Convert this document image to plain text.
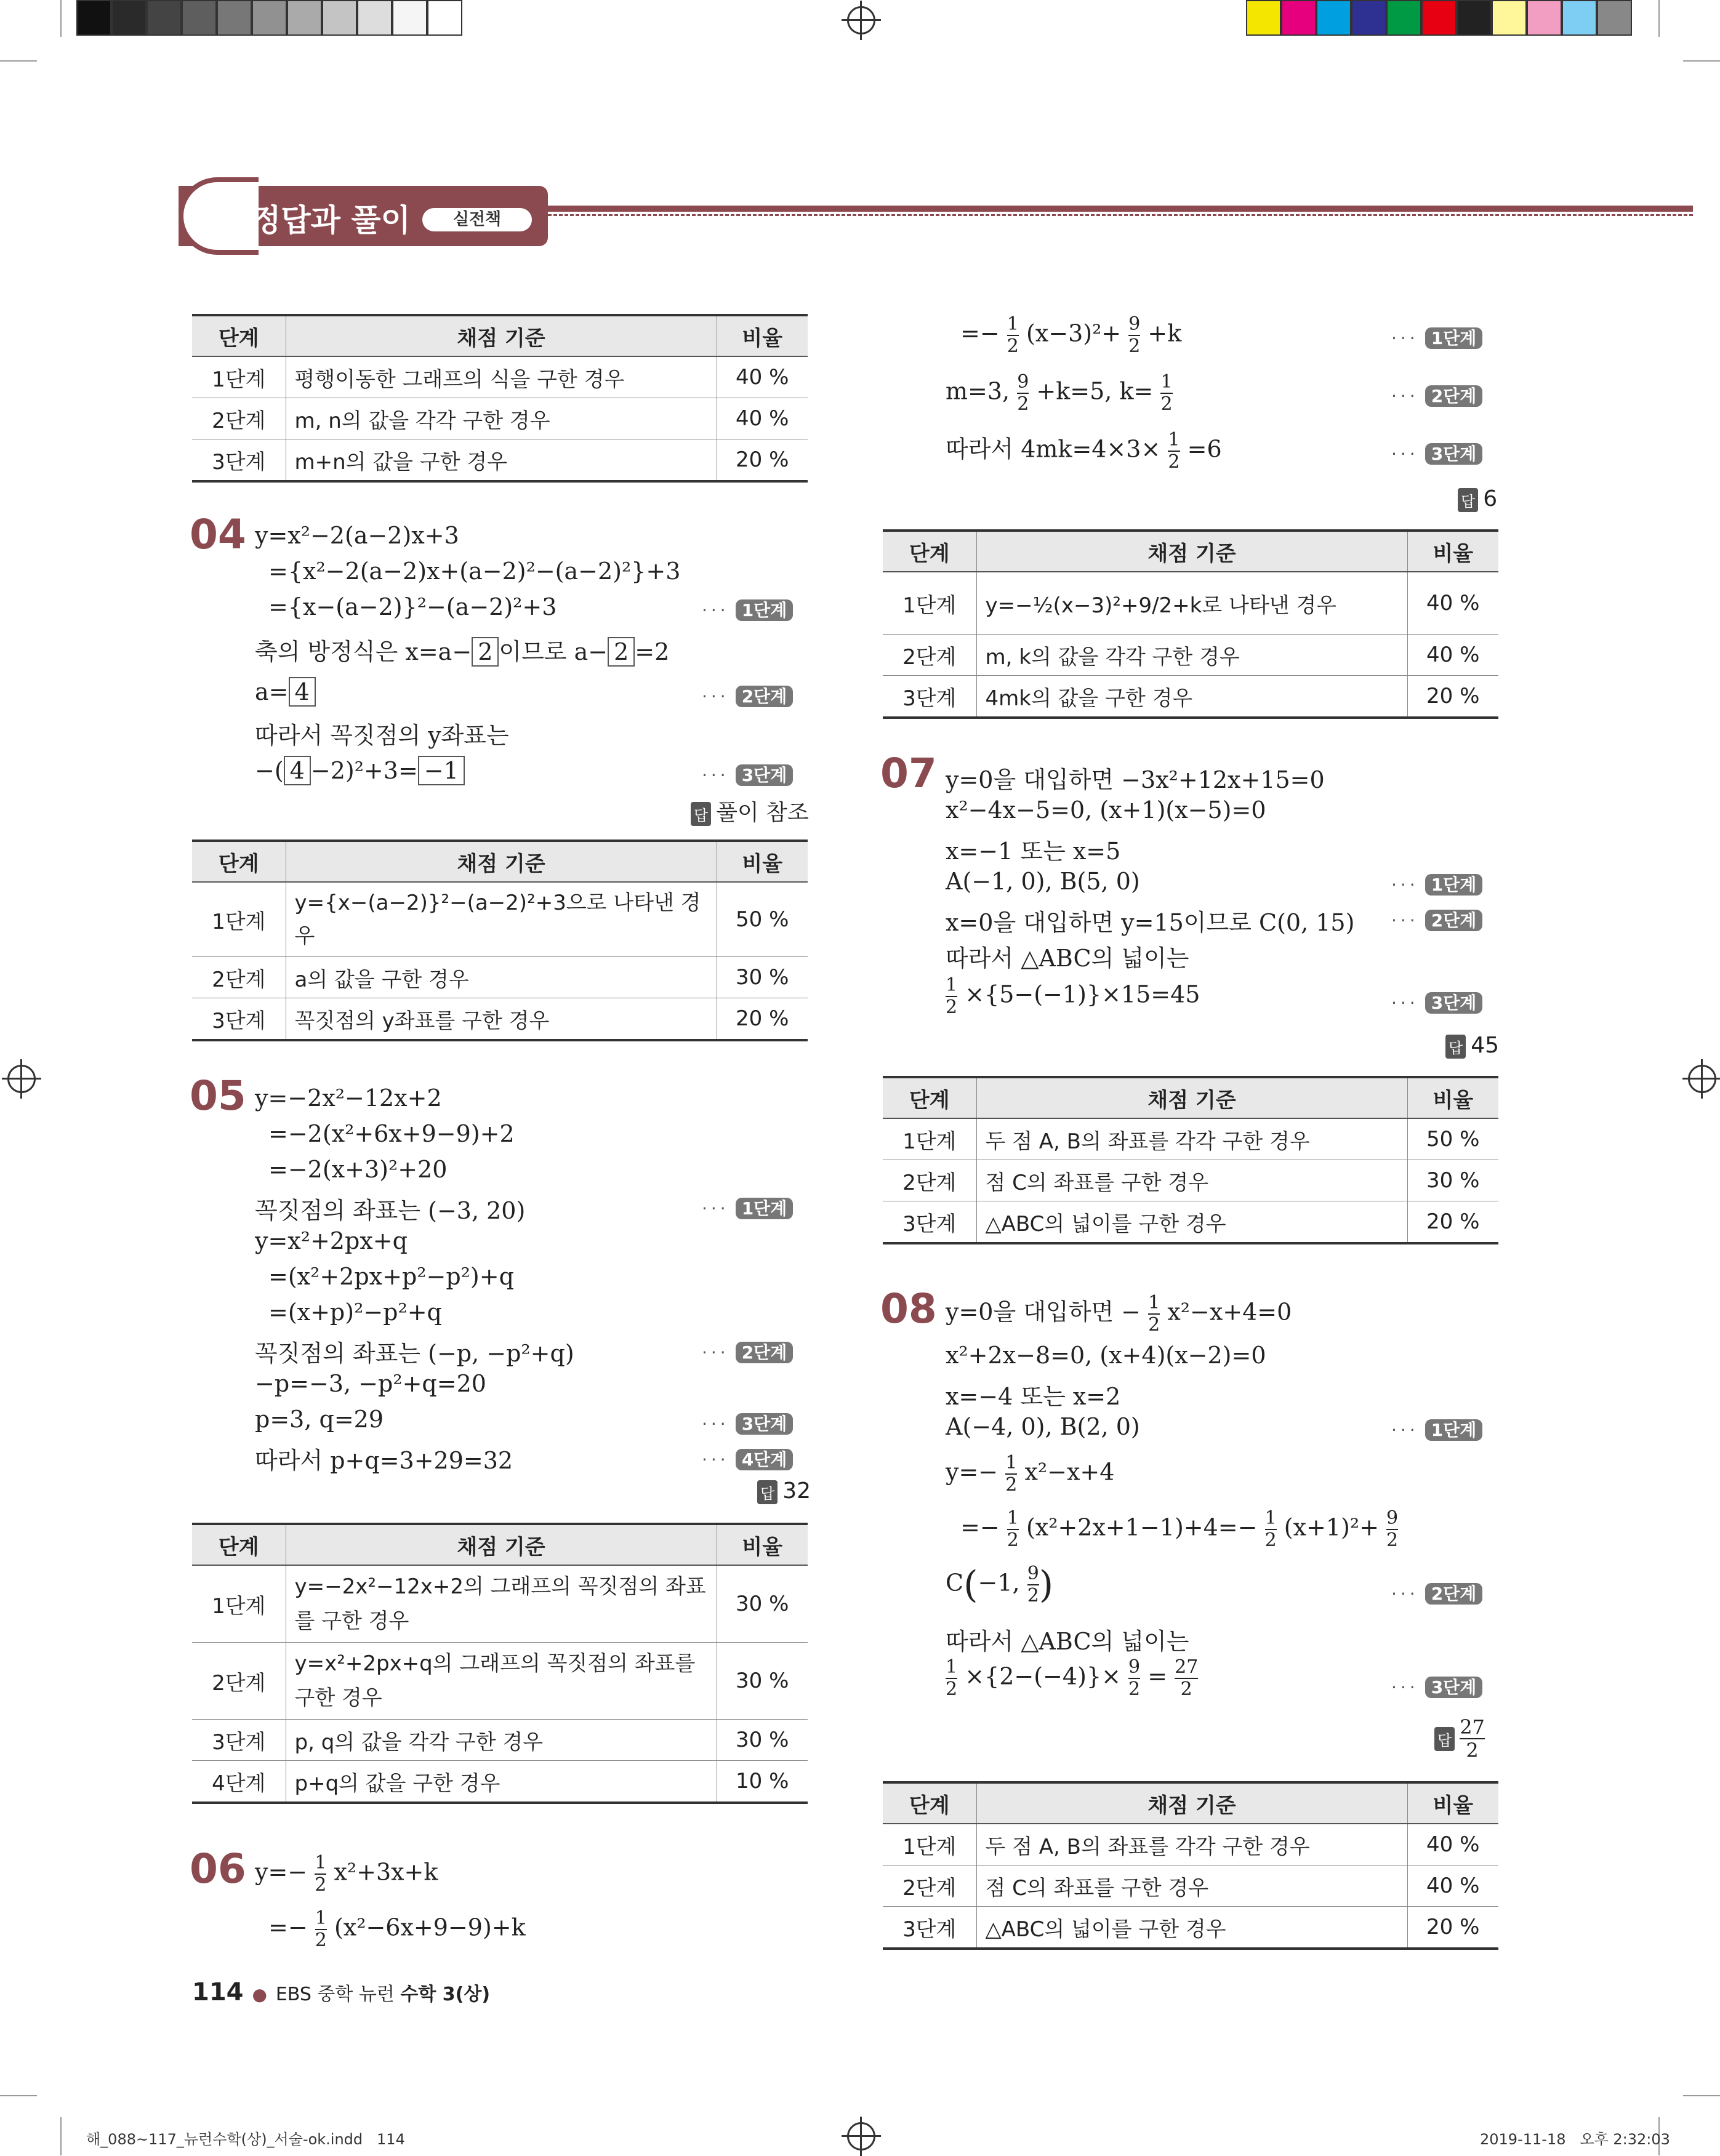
정답과 풀이	실전책
단계	채점 기준	비율
1단계	평행이동한 그래프의 식을 구한 경우	40 %
2단계	m, n의 값을 각각 구한 경우	40 %
3단계	m+n의 값을 구한 경우	20 %
04 y=x²−2(a−2)x+3
={x²−2(a−2)x+(a−2)²−(a−2)²}+3
={x−(a−2)}²−(a−2)²+3
축의 방정식은 x=a− 2 이므로 a− 2 =2
a= 4
따라서 꼭짓점의 y좌표는
−( 4 −2)²+3= −1
··· 1단계
··· 2단계
··· 3단계
답 풀이 참조
단계	채점 기준	비율
1단계	y={x−(a−2)}²−(a−2)²+3으로 나타낸 경우	50 %
2단계	a의 값을 구한 경우	30 %
3단계	꼭짓점의 y좌표를 구한 경우	20 %
05 y=−2x²−12x+2
=−2(x²+6x+9−9)+2
=−2(x+3)²+20
꼭짓점의 좌표는 (−3, 20)
y=x²+2px+q
=(x²+2px+p²−p²)+q
=(x+p)²−p²+q
꼭짓점의 좌표는 (−p, −p²+q)
−p=−3, −p²+q=20
p=3, q=29
따라서 p+q=3+29=32
··· 1단계
··· 2단계
··· 3단계
··· 4단계
답 32
단계	채점 기준	비율
1단계	y=−2x²−12x+2의 그래프의 꼭짓점의 좌표를 구한 경우	30 %
2단계	y=x²+2px+q의 그래프의 꼭짓점의 좌표를 구한 경우	30 %
3단계	p, q의 값을 각각 구한 경우	30 %
4단계	p+q의 값을 구한 경우	10 %
06 $y=- \frac{1}{2} x^2+3x+k$
=− $\frac{1}{2} (x^2-6x+9-9)+k$
=− $\frac{1}{2} (x-3)^2+ \frac{9}{2} +k$
m=3, $\frac{9}{2} +k=5$, $k= \frac{1}{2}$
따라서 $4mk=4\times 3\times \frac{1}{2} =6$
··· 1단계
··· 2단계
··· 3단계
답 6
단계	채점 기준	비율
1단계	y=−½(x−3)²+9/2+k로 나타낸 경우	40 %
2단계	m, k의 값을 각각 구한 경우	40 %
3단계	4mk의 값을 구한 경우	20 %
07 y=0을 대입하면 −3x²+12x+15=0
x²−4x−5=0, (x+1)(x−5)=0
x=−1 또는 x=5
A(−1, 0), B(5, 0)
x=0을 대입하면 y=15이므로 C(0, 15)
따라서 △ABC의 넓이는
$\frac{1}{2} \times\{5-(-1)\}\times 15=45$
··· 1단계
··· 2단계
··· 3단계
답 45
단계	채점 기준	비율
1단계	두 점 A, B의 좌표를 각각 구한 경우	50 %
2단계	점 C의 좌표를 구한 경우	30 %
3단계	△ABC의 넓이를 구한 경우	20 %
08 y=0을 대입하면 − $\frac{1}{2} x^2-x+4=0$
x²+2x−8=0, (x+4)(x−2)=0
x=−4 또는 x=2
A(−4, 0), B(2, 0)
$y=- \frac{1}{2} x^2-x+4$
=− $\frac{1}{2} (x^2+2x+1-1)+4=- \frac{1}{2} (x+1)^2+ \frac{9}{2}$
C(−1, $\frac{9}{2}$ )
따라서 △ABC의 넓이는
$\frac{1}{2} \times\{2-(-4)\}\times \frac{9}{2} = \frac{27}{2}$
··· 1단계
··· 2단계
··· 3단계
답 $\frac{27}{2}$
단계	채점 기준	비율
1단계	두 점 A, B의 좌표를 각각 구한 경우	40 %
2단계	점 C의 좌표를 구한 경우	40 %
3단계	△ABC의 넓이를 구한 경우	20 %
114 ● EBS 중학 뉴런 수학 3(상)
해_088~117_뉴런수학(상)_서술-ok.indd   114	2019-11-18   오후 2:32:03
